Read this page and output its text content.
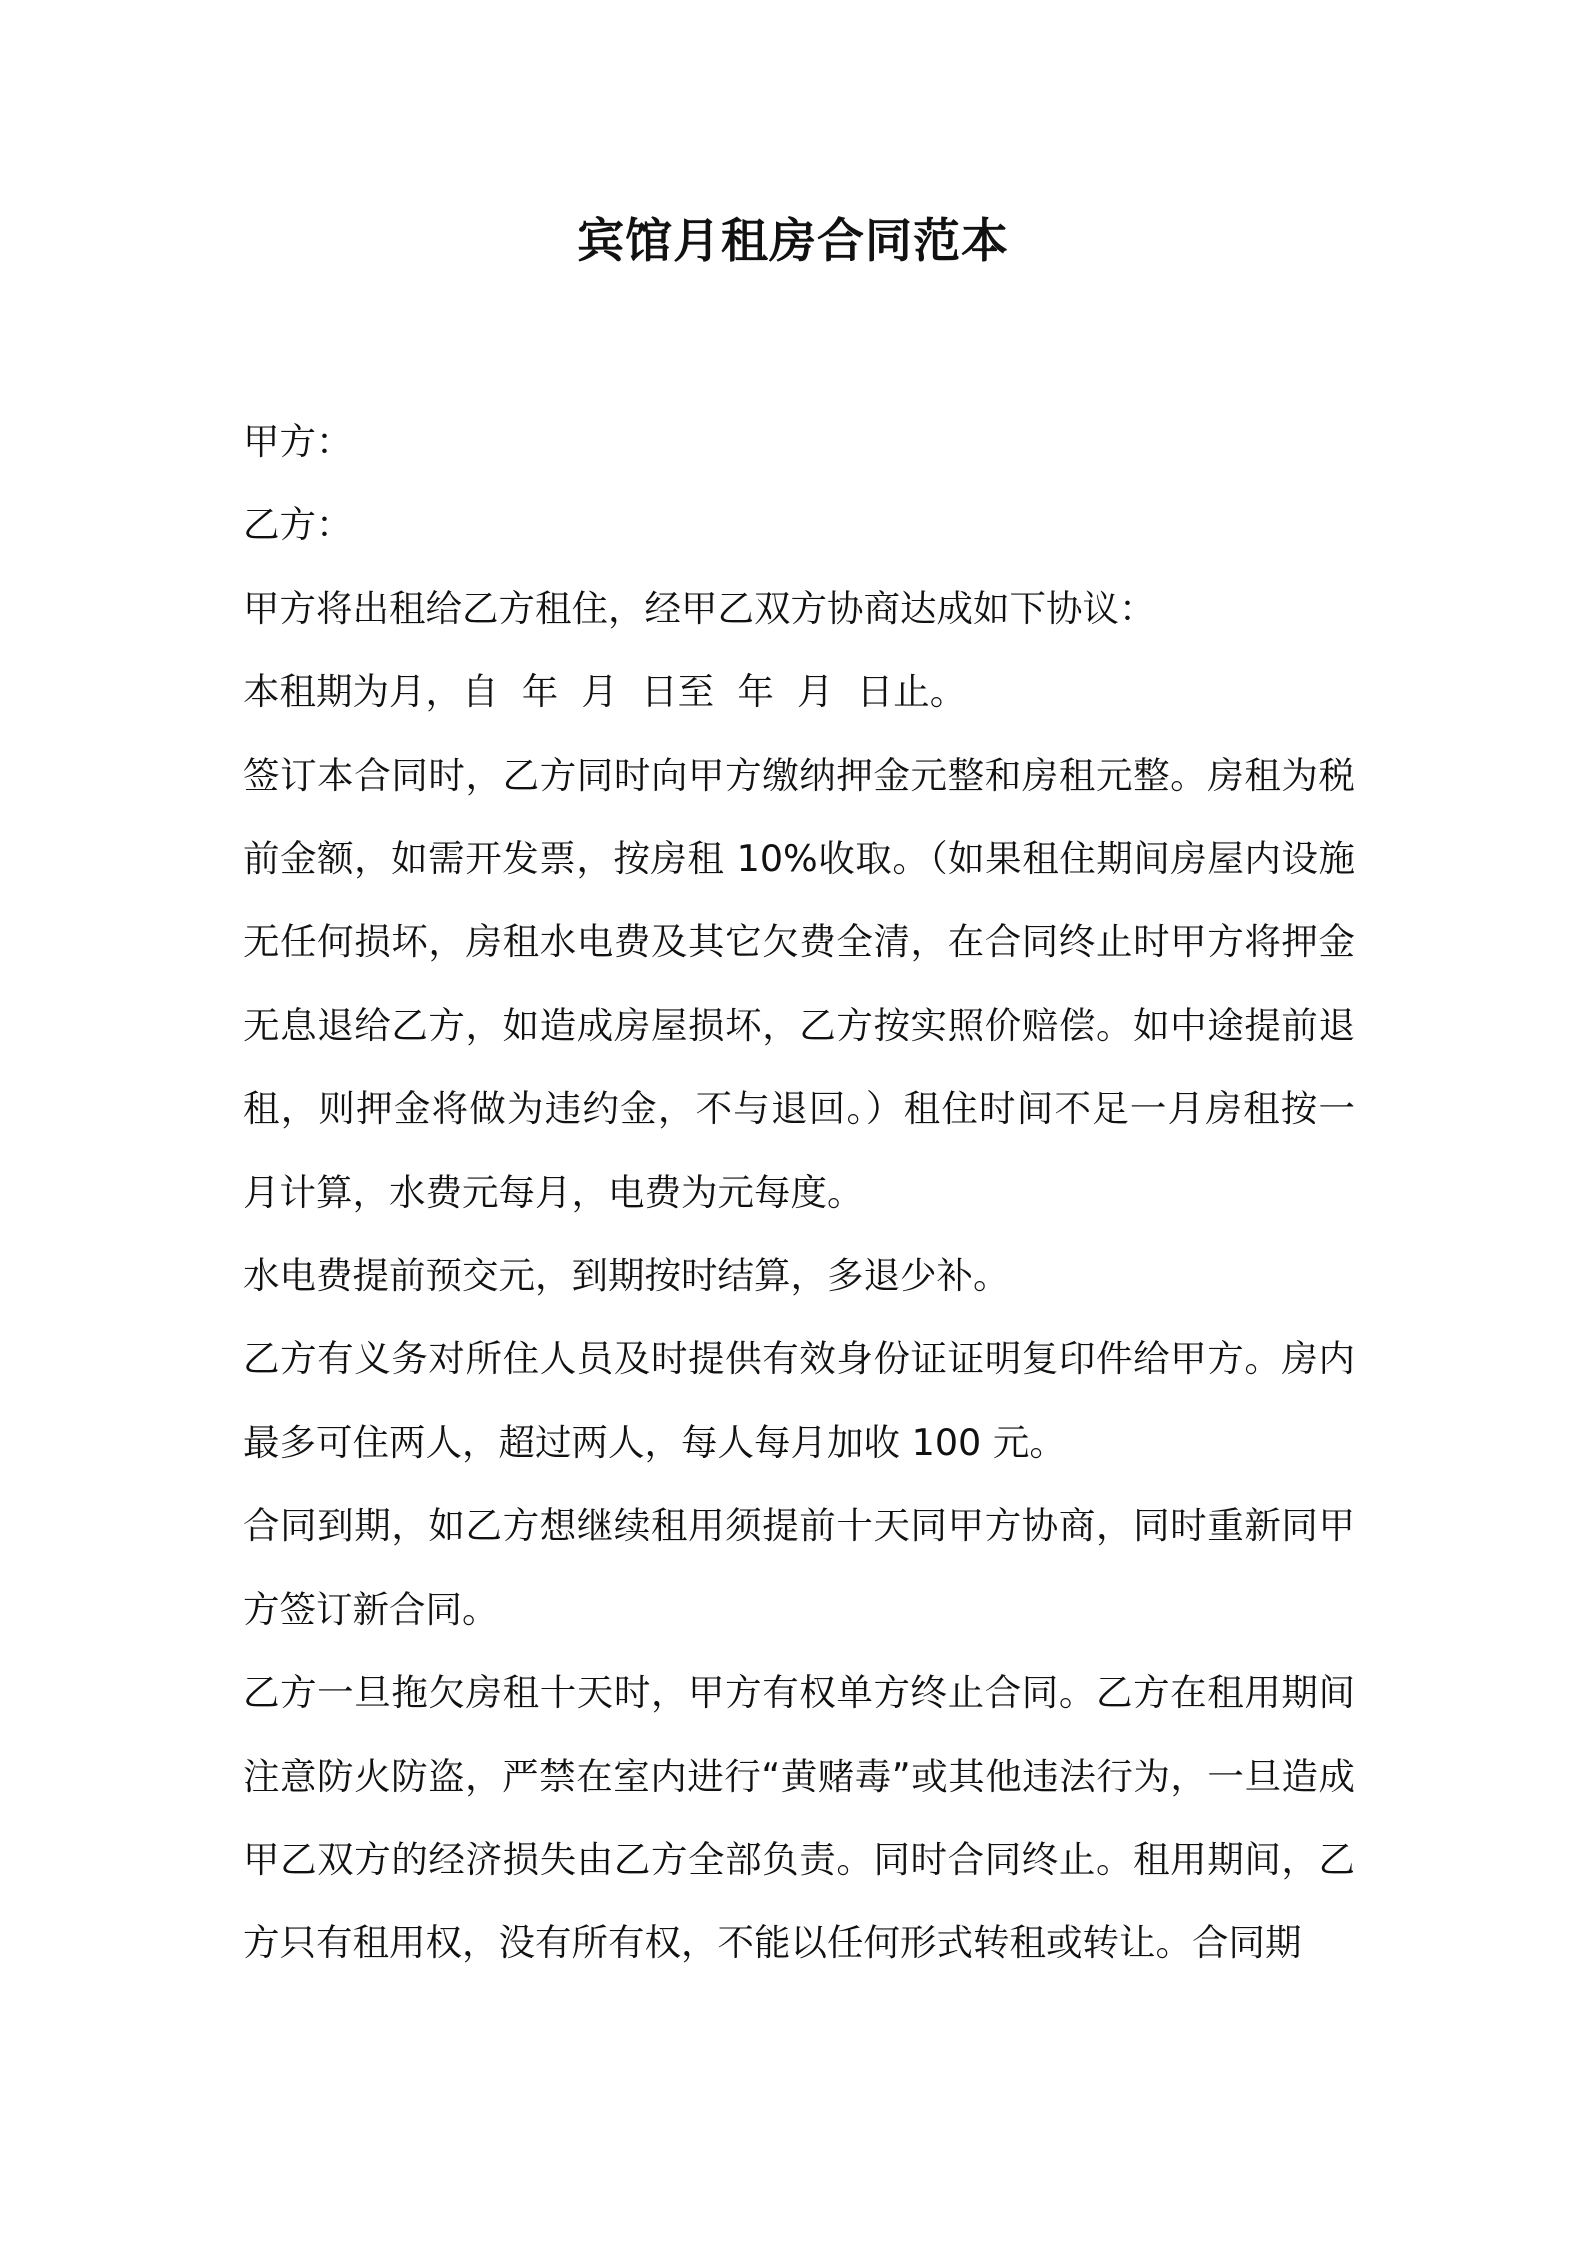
宾馆月租房合同范本

甲方：

乙方：

甲方将出租给乙方租住，经甲乙双方协商达成如下协议：

本租期为月，自  年  月  日至  年  月  日止。

签订本合同时，乙方同时向甲方缴纳押金元整和房租元整。房租为税前金额，如需开发票，按房租 10%收取。（如果租住期间房屋内设施无任何损坏，房租水电费及其它欠费全清，在合同终止时甲方将押金无息退给乙方，如造成房屋损坏，乙方按实照价赔偿。如中途提前退租，则押金将做为违约金，不与退回。）租住时间不足一月房租按一月计算，水费元每月，电费为元每度。

水电费提前预交元，到期按时结算，多退少补。

乙方有义务对所住人员及时提供有效身份证证明复印件给甲方。房内最多可住两人，超过两人，每人每月加收 100 元。

合同到期，如乙方想继续租用须提前十天同甲方协商，同时重新同甲方签订新合同。

乙方一旦拖欠房租十天时，甲方有权单方终止合同。乙方在租用期间注意防火防盗，严禁在室内进行“黄赌毒”或其他违法行为，一旦造成甲乙双方的经济损失由乙方全部负责。同时合同终止。租用期间，乙方只有租用权，没有所有权，不能以任何形式转租或转让。合同期
